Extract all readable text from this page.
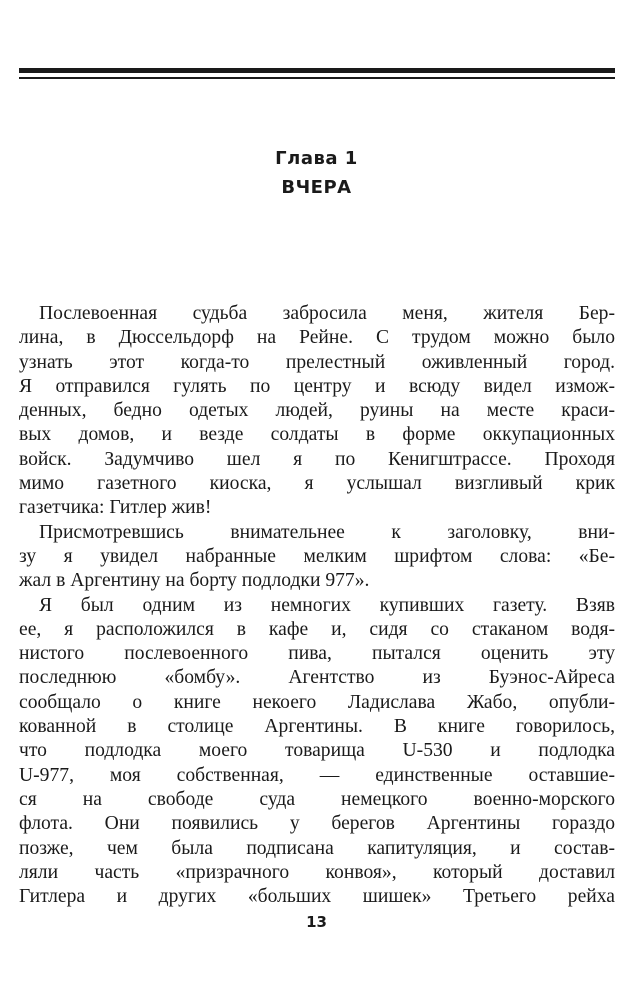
Глава 1
ВЧЕРА
Послевоенная судьба забросила меня, жителя Бер-
лина, в Дюссельдорф на Рейне. С трудом можно было
узнать этот когда-то прелестный оживленный город.
Я отправился гулять по центру и всюду видел измож-
денных, бедно одетых людей, руины на месте краси-
вых домов, и везде солдаты в форме оккупационных
войск. Задумчиво шел я по Кенигштрассе. Проходя
мимо газетного киоска, я услышал визгливый крик
газетчика: Гитлер жив!
Присмотревшись внимательнее к заголовку, вни-
зу я увидел набранные мелким шрифтом слова: «Бе-
жал в Аргентину на борту подлодки 977».
Я был одним из немногих купивших газету. Взяв
ее, я расположился в кафе и, сидя со стаканом водя-
нистого послевоенного пива, пытался оценить эту
последнюю «бомбу». Агентство из Буэнос-Айреса
сообщало о книге некоего Ладислава Жабо, опубли-
кованной в столице Аргентины. В книге говорилось,
что подлодка моего товарища U-530 и подлодка
U-977, моя собственная, — единственные оставшие-
ся на свободе суда немецкого военно-морского
флота. Они появились у берегов Аргентины гораздо
позже, чем была подписана капитуляция, и состав-
ляли часть «призрачного конвоя», который доставил
Гитлера и других «больших шишек» Третьего рейха
13
